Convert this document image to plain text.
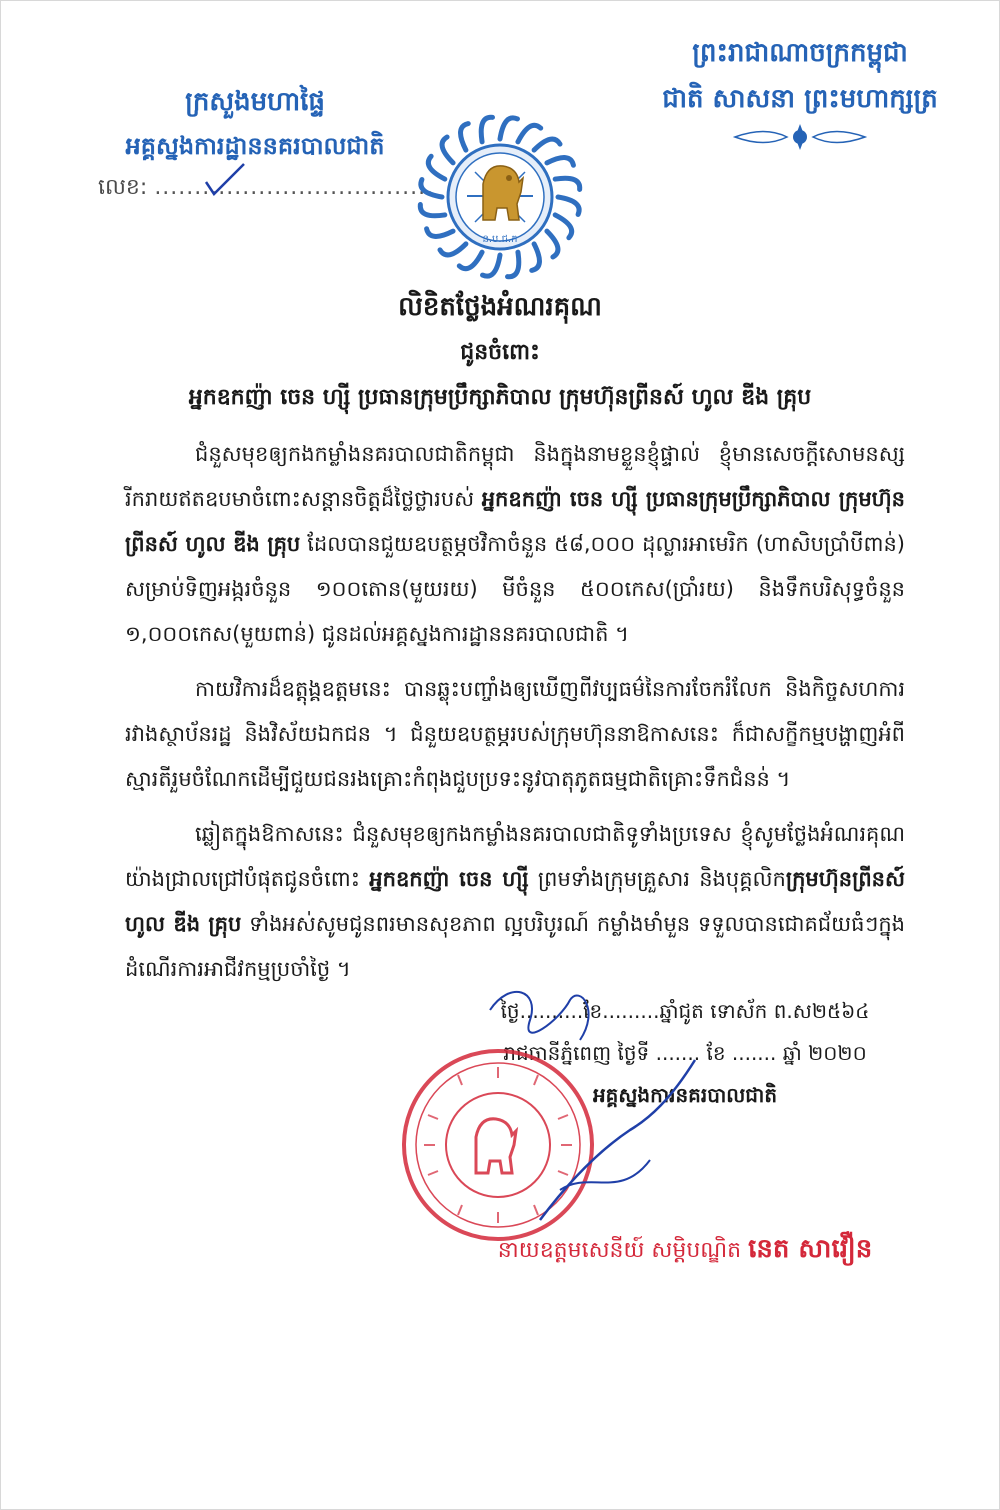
ក្រសួងមហាផ្ទៃ
អគ្គស្នងការដ្ឋាននគរបាលជាតិ
លេខ: ...................................
ព្រះរាជាណាចក្រកម្ពុជា
ជាតិ សាសនា ព្រះមហាក្សត្រ
ន.ប.ជ.ក
លិខិតថ្លែងអំណរគុណ
ជូនចំពោះ
អ្នកឧកញ៉ា ចេន ហ្សុី ប្រធានក្រុមប្រឹក្សាភិបាល ក្រុមហ៊ុនព្រីនស៍ ហូល ឌីង គ្រុប

ជំនួសមុខឲ្យកងកម្លាំងនគរបាលជាតិកម្ពុជា និងក្នុងនាមខ្លួនខ្ញុំផ្ទាល់ ខ្ញុំមានសេចក្ដីសោមនស្សរីករាយឥតឧបមាចំពោះសន្ដានចិត្តដ៏ថ្លៃថ្លារបស់ អ្នកឧកញ៉ា ចេន ហ្សុី ប្រធានក្រុមប្រឹក្សាភិបាល ក្រុមហ៊ុនព្រីនស៍ ហូល ឌីង គ្រុប ដែលបានជួយឧបត្ថម្ភថវិកាចំនួន ៥៨,០០០ ដុល្លារអាមេរិក (ហាសិបប្រាំបីពាន់) សម្រាប់ទិញអង្ករចំនួន ១០០តោន(មួយរយ) មីចំនួន ៥០០កេស(ប្រាំរយ) និងទឹកបរិសុទ្ធចំនួន ១,០០០កេស(មួយពាន់) ជូនដល់អគ្គស្នងការដ្ឋាននគរបាលជាតិ ។

កាយវិការដ៏ឧត្ដុង្គឧត្ដមនេះ បានឆ្លុះបញ្ចាំងឲ្យឃើញពីវប្បធម៌នៃការចែករំលែក និងកិច្ចសហការរវាងស្ថាប័នរដ្ឋ និងវិស័យឯកជន ។ ជំនួយឧបត្ថម្ភរបស់ក្រុមហ៊ុននាឱកាសនេះ ក៏ជាសក្ខីកម្មបង្ហាញអំពីស្មារតីរួមចំណែកដើម្បីជួយជនរងគ្រោះកំពុងជួបប្រទះនូវបាតុភូតធម្មជាតិគ្រោះទឹកជំនន់ ។

ឆ្លៀតក្នុងឱកាសនេះ ជំនួសមុខឲ្យកងកម្លាំងនគរបាលជាតិទូទាំងប្រទេស ខ្ញុំសូមថ្លែងអំណរគុណយ៉ាងជ្រាលជ្រៅបំផុតជូនចំពោះ អ្នកឧកញ៉ា ចេន ហ្សុី ព្រមទាំងក្រុមគ្រួសារ និងបុគ្គលិកក្រុមហ៊ុនព្រីនស៍ ហូល ឌីង គ្រុប ទាំងអស់សូមជូនពរមានសុខភាព ល្អបរិបូរណ៍ កម្លាំងមាំមួន ទទួលបានជោគជ័យធំៗក្នុងដំណើរការអាជីវកម្មប្រចាំថ្ងៃ ។

ថ្ងៃ..........ខែ.........ឆ្នាំជូត ទោស័ក ព.ស២៥៦៤
រាជធានីភ្នំពេញ ថ្ងៃទី ....... ខែ ....... ឆ្នាំ ២០២០
អគ្គស្នងការនគរបាលជាតិ
នាយឧត្តមសេនីយ៍ សម្ដិបណ្ឌិត នេត សាវឿន
